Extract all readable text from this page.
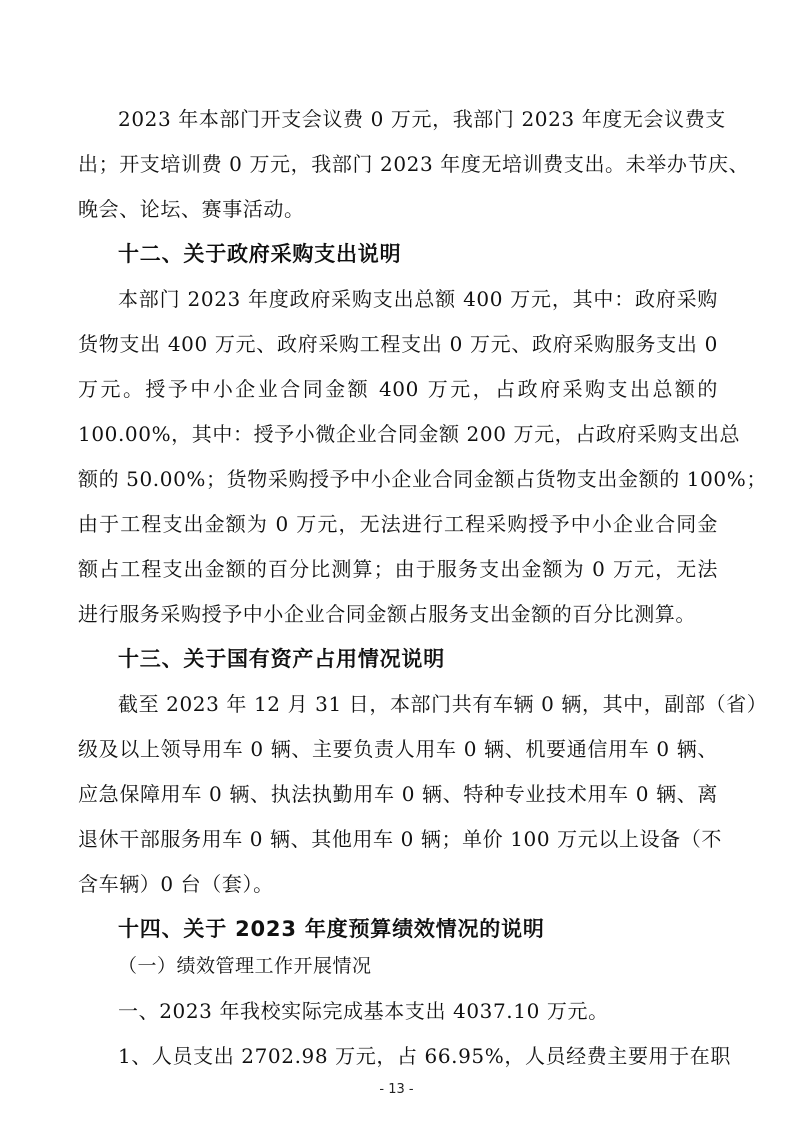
2023 年本部门开支会议费 0 万元，我部门 2023 年度无会议费支
出；开支培训费 0 万元，我部门 2023 年度无培训费支出。未举办节庆、
晚会、论坛、赛事活动。
十二、关于政府采购支出说明
本部门 2023 年度政府采购支出总额 400 万元，其中：政府采购
货物支出 400 万元、政府采购工程支出 0 万元、政府采购服务支出 0
万元。授予中小企业合同金额 400 万元，占政府采购支出总额的
100.00%，其中：授予小微企业合同金额 200 万元，占政府采购支出总
额的 50.00%；货物采购授予中小企业合同金额占货物支出金额的 100%；
由于工程支出金额为 0 万元，无法进行工程采购授予中小企业合同金
额占工程支出金额的百分比测算；由于服务支出金额为 0 万元，无法
进行服务采购授予中小企业合同金额占服务支出金额的百分比测算。
十三、关于国有资产占用情况说明
截至 2023 年 12 月 31 日，本部门共有车辆 0 辆，其中，副部（省）
级及以上领导用车 0 辆、主要负责人用车 0 辆、机要通信用车 0 辆、
应急保障用车 0 辆、执法执勤用车 0 辆、特种专业技术用车 0 辆、离
退休干部服务用车 0 辆、其他用车 0 辆；单价 100 万元以上设备（不
含车辆）0 台（套）。
十四、关于 2023 年度预算绩效情况的说明
（一）绩效管理工作开展情况
一、2023 年我校实际完成基本支出 4037.10 万元。
1、人员支出 2702.98 万元，占 66.95%，人员经费主要用于在职
- 13 -
